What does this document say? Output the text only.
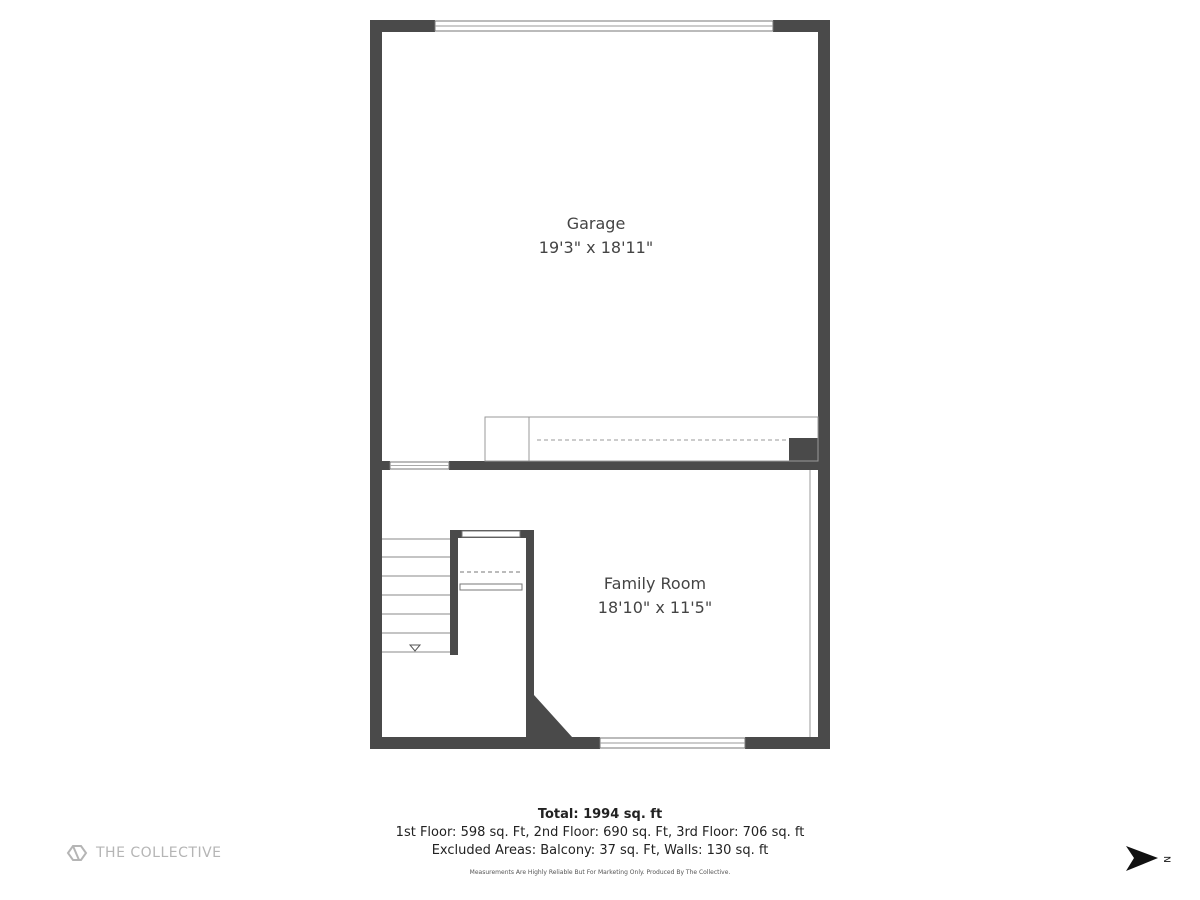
Garage
19'3" x 18'11"
Family Room
18'10" x 11'5"
Total: 1994 sq. ft
1st Floor: 598 sq. Ft, 2nd Floor: 690 sq. Ft, 3rd Floor: 706 sq. ft
Excluded Areas: Balcony: 37 sq. Ft, Walls: 130 sq. ft
Measurements Are Highly Reliable But For Marketing Only. Produced By The Collective.
THE COLLECTIVE	N
